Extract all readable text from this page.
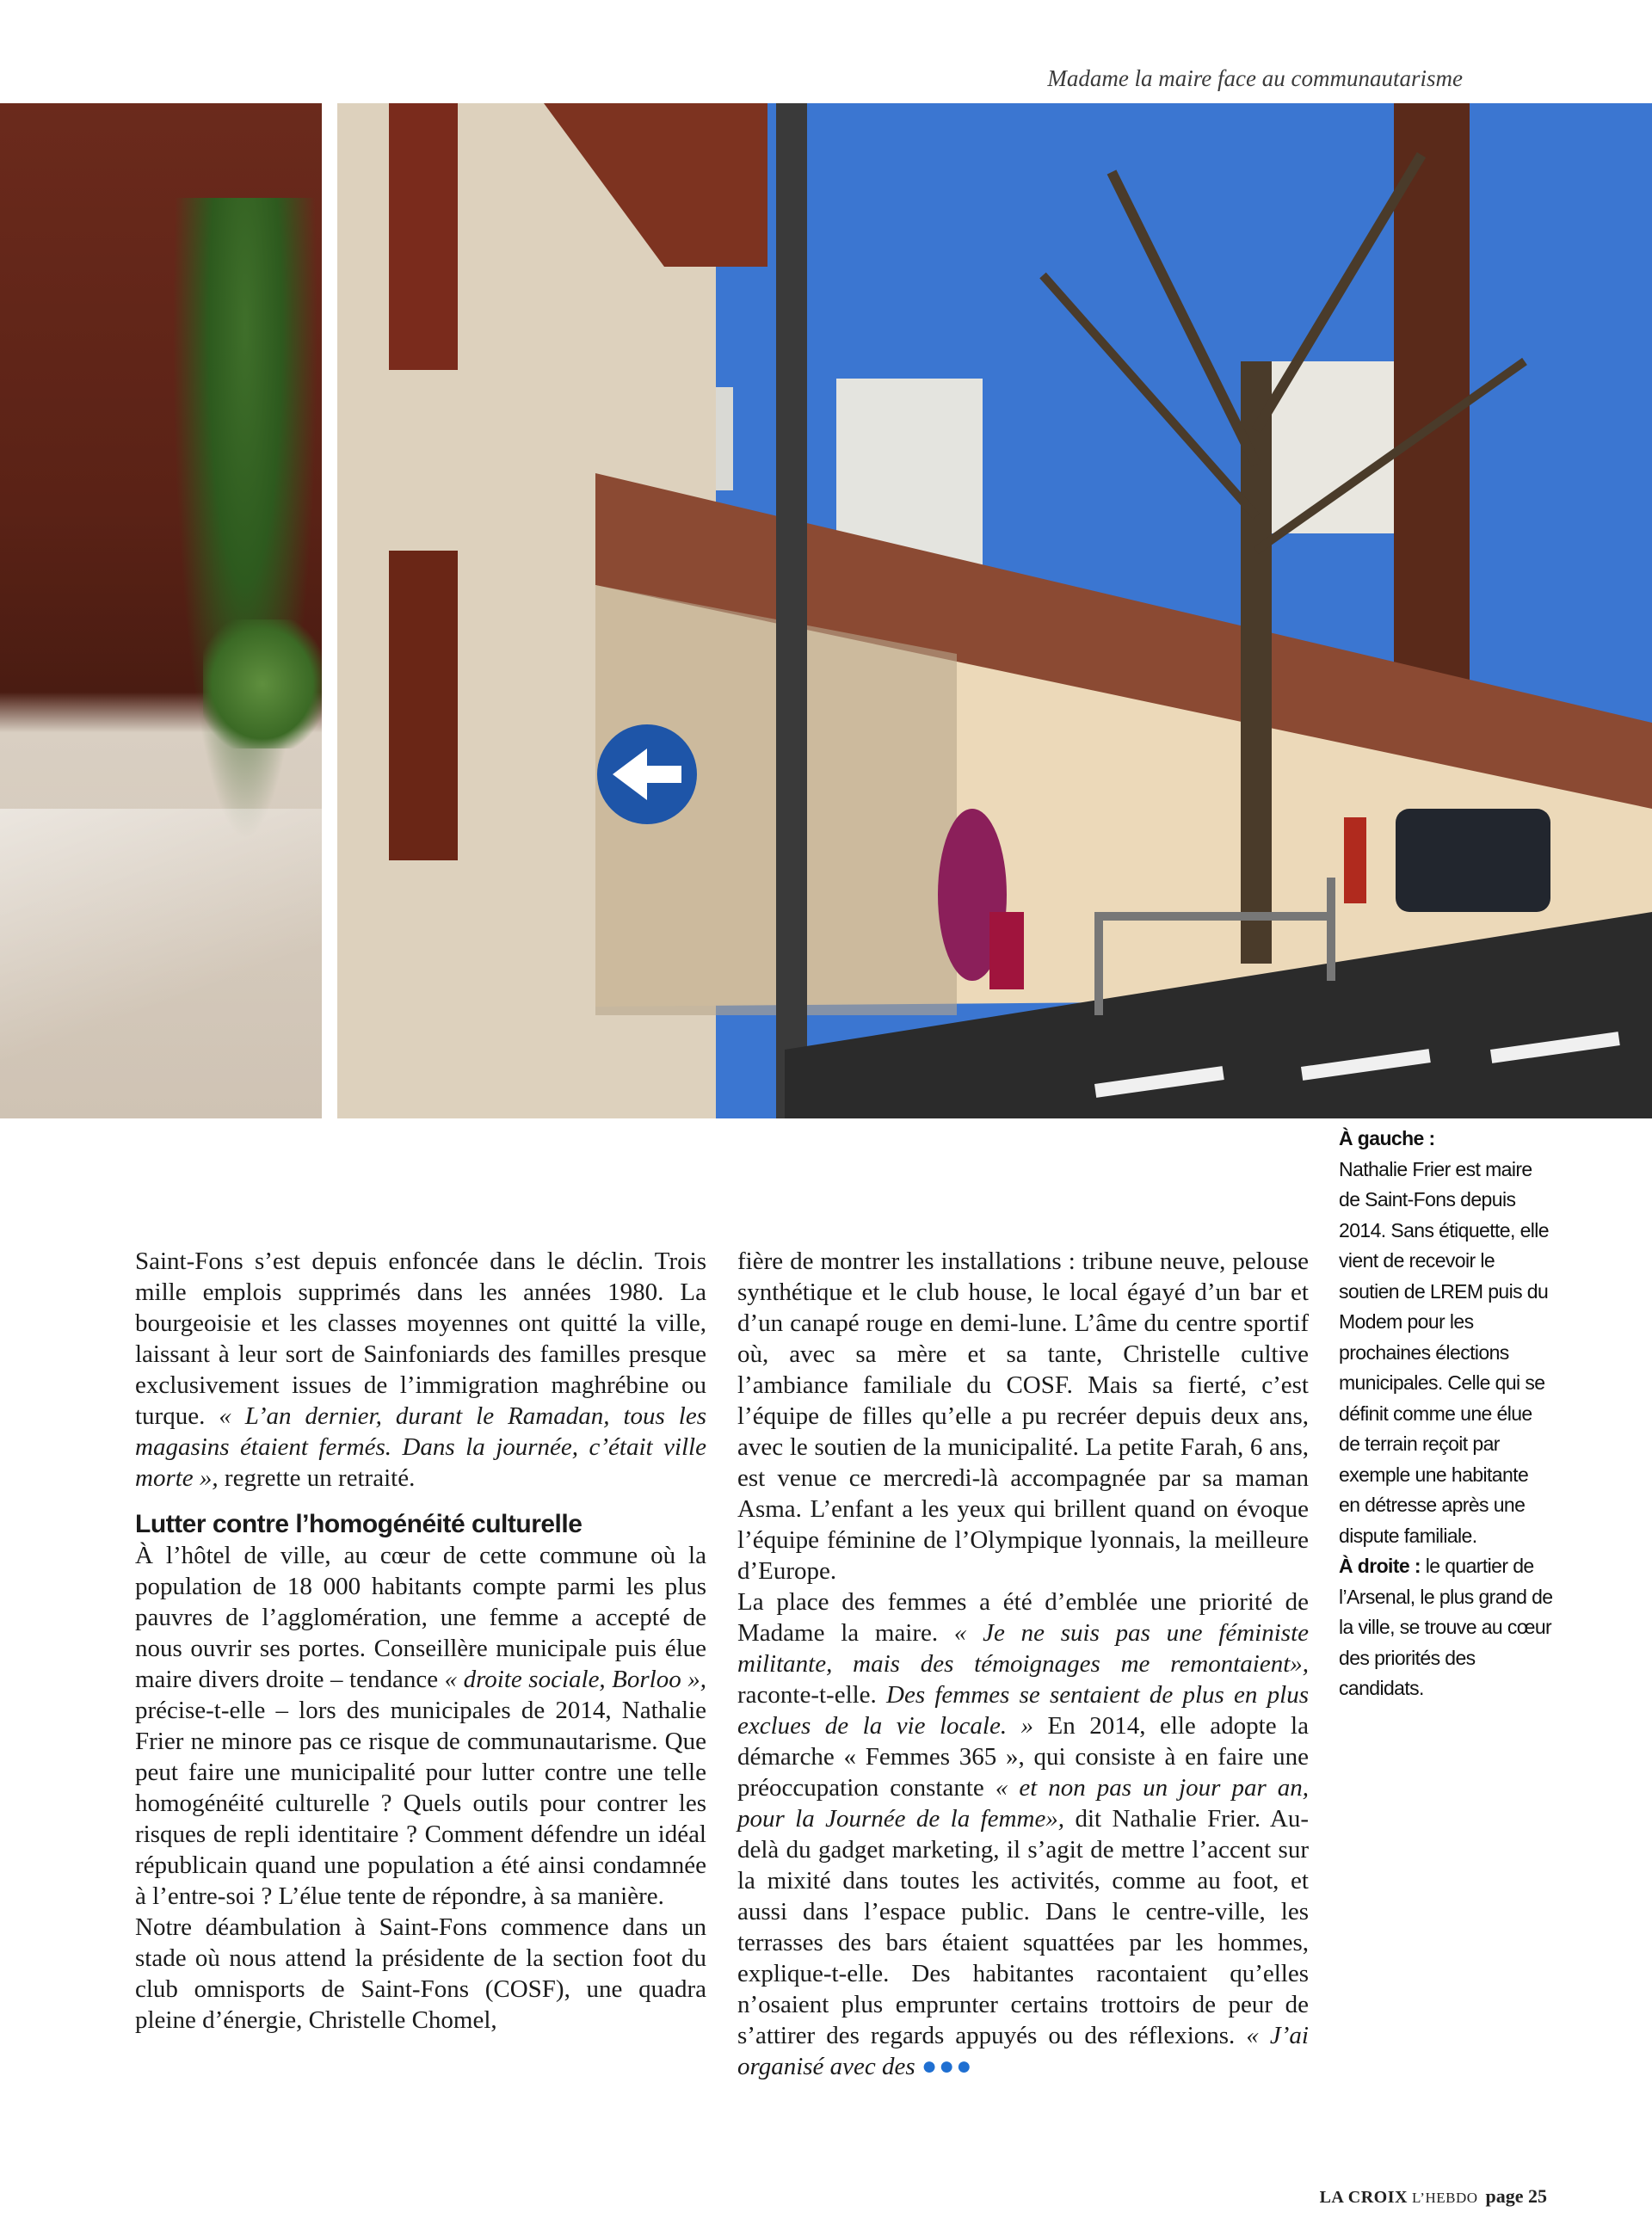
Madame la maire face au communautarisme

Saint-Fons s’est depuis enfoncée dans le déclin. Trois mille emplois supprimés dans les années 1980. La bourgeoisie et les classes moyennes ont quitté la ville, laissant à leur sort de Sainfoniards des familles presque exclusivement issues de l’immigration maghrébine ou turque. « L’an dernier, durant le Ramadan, tous les magasins étaient fermés. Dans la journée, c’était ville morte », regrette un retraité.

Lutter contre l’homogénéité culturelle

À l’hôtel de ville, au cœur de cette commune où la population de 18 000 habitants compte parmi les plus pauvres de l’agglomération, une femme a accepté de nous ouvrir ses portes. Conseillère municipale puis élue maire divers droite – tendance « droite sociale, Borloo », précise-t-elle – lors des municipales de 2014, Nathalie Frier ne minore pas ce risque de communautarisme. Que peut faire une municipalité pour lutter contre une telle homogénéité culturelle ? Quels outils pour contrer les risques de repli identitaire ? Comment défendre un idéal républicain quand une population a été ainsi condamnée à l’entre-soi ? L’élue tente de répondre, à sa manière.

Notre déambulation à Saint-Fons commence dans un stade où nous attend la présidente de la section foot du club omnisports de Saint-Fons (COSF), une quadra pleine d’énergie, Christelle Chomel,

fière de montrer les installations : tribune neuve, pelouse synthétique et le club house, le local égayé d’un bar et d’un canapé rouge en demi-lune. L’âme du centre sportif où, avec sa mère et sa tante, Christelle cultive l’ambiance familiale du COSF. Mais sa fierté, c’est l’équipe de filles qu’elle a pu recréer depuis deux ans, avec le soutien de la municipalité. La petite Farah, 6 ans, est venue ce mercredi-là accompagnée par sa maman Asma. L’enfant a les yeux qui brillent quand on évoque l’équipe féminine de l’Olympique lyonnais, la meilleure d’Europe.

La place des femmes a été d’emblée une priorité de Madame la maire. « Je ne suis pas une féministe militante, mais des témoignages me remontaient», raconte-t-elle. Des femmes se sentaient de plus en plus exclues de la vie locale. » En 2014, elle adopte la démarche « Femmes 365 », qui consiste à en faire une préoccupation constante « et non pas un jour par an, pour la Journée de la femme», dit Nathalie Frier. Au-delà du gadget marketing, il s’agit de mettre l’accent sur la mixité dans toutes les activités, comme au foot, et aussi dans l’espace public. Dans le centre-ville, les terrasses des bars étaient squattées par les hommes, explique-t-elle. Des habitantes racontaient qu’elles n’osaient plus emprunter certains trottoirs de peur de s’attirer des regards appuyés ou des réflexions. « J’ai organisé avec des ●●●

À gauche :

Nathalie Frier est maire de Saint-Fons depuis 2014. Sans étiquette, elle vient de recevoir le soutien de LREM puis du Modem pour les prochaines élections municipales. Celle qui se définit comme une élue de terrain reçoit par exemple une habitante en détresse après une dispute familiale.

À droite : le quartier de l’Arsenal, le plus grand de la ville, se trouve au cœur des priorités des candidats.

LA CROIX L’HEBDO page 25
